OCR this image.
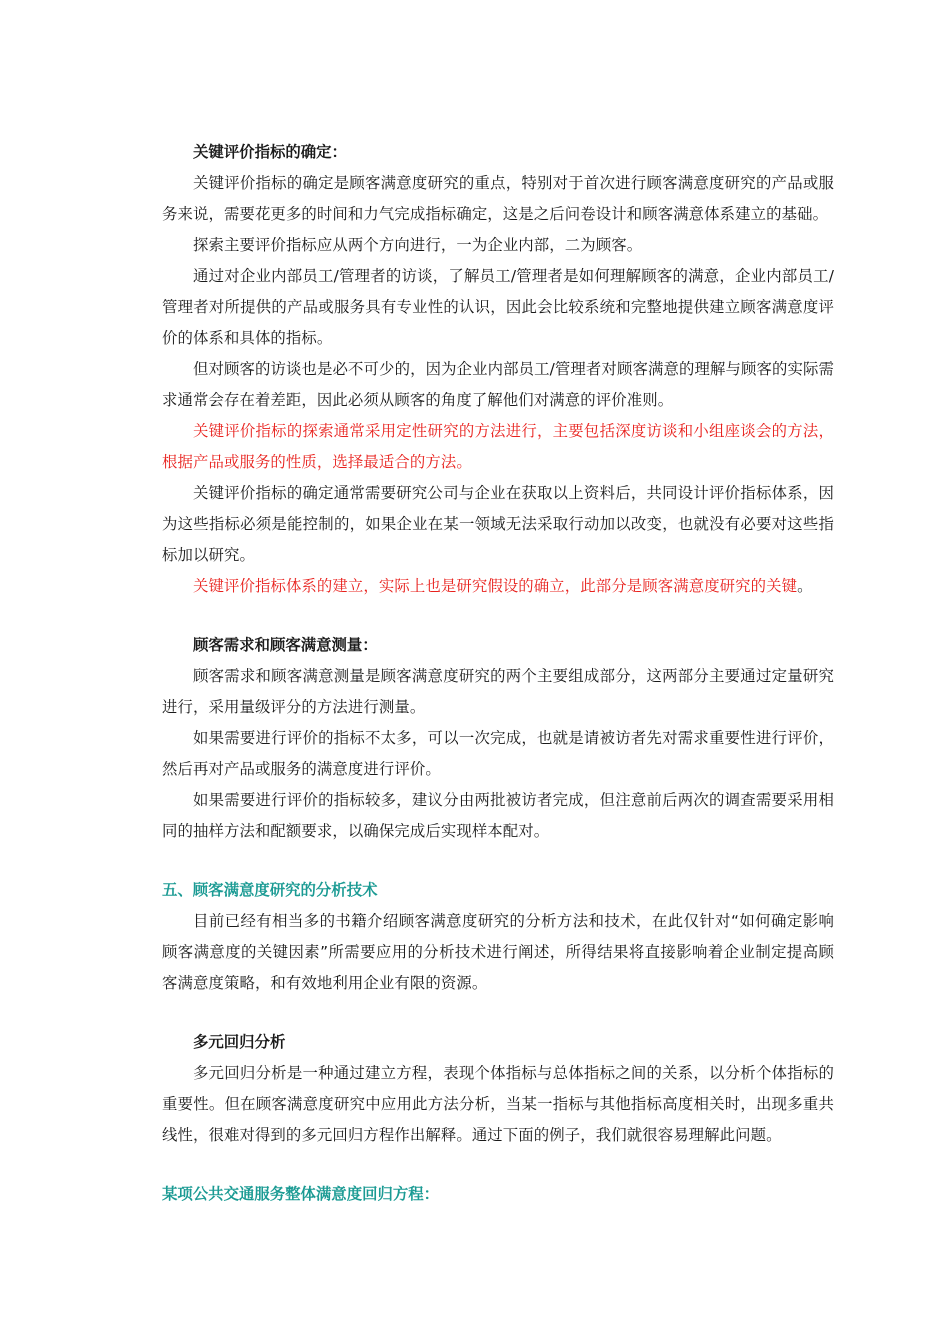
关键评价指标的确定：

关键评价指标的确定是顾客满意度研究的重点，特别对于首次进行顾客满意度研究的产品或服务来说，需要花更多的时间和力气完成指标确定，这是之后问卷设计和顾客满意体系建立的基础。

探索主要评价指标应从两个方向进行，一为企业内部，二为顾客。

通过对企业内部员工/管理者的访谈，了解员工/管理者是如何理解顾客的满意，企业内部员工/管理者对所提供的产品或服务具有专业性的认识，因此会比较系统和完整地提供建立顾客满意度评价的体系和具体的指标。

但对顾客的访谈也是必不可少的，因为企业内部员工/管理者对顾客满意的理解与顾客的实际需求通常会存在着差距，因此必须从顾客的角度了解他们对满意的评价准则。

关键评价指标的探索通常采用定性研究的方法进行，主要包括深度访谈和小组座谈会的方法，根据产品或服务的性质，选择最适合的方法。

关键评价指标的确定通常需要研究公司与企业在获取以上资料后，共同设计评价指标体系，因为这些指标必须是能控制的，如果企业在某一领域无法采取行动加以改变，也就没有必要对这些指标加以研究。

关键评价指标体系的建立，实际上也是研究假设的确立，此部分是顾客满意度研究的关键。

顾客需求和顾客满意测量：

顾客需求和顾客满意测量是顾客满意度研究的两个主要组成部分，这两部分主要通过定量研究进行，采用量级评分的方法进行测量。

如果需要进行评价的指标不太多，可以一次完成，也就是请被访者先对需求重要性进行评价，然后再对产品或服务的满意度进行评价。

如果需要进行评价的指标较多，建议分由两批被访者完成，但注意前后两次的调查需要采用相同的抽样方法和配额要求，以确保完成后实现样本配对。

五、顾客满意度研究的分析技术

目前已经有相当多的书籍介绍顾客满意度研究的分析方法和技术，在此仅针对“如何确定影响顾客满意度的关键因素”所需要应用的分析技术进行阐述，所得结果将直接影响着企业制定提高顾客满意度策略，和有效地利用企业有限的资源。

多元回归分析

多元回归分析是一种通过建立方程，表现个体指标与总体指标之间的关系，以分析个体指标的重要性。但在顾客满意度研究中应用此方法分析，当某一指标与其他指标高度相关时，出现多重共线性，很难对得到的多元回归方程作出解释。通过下面的例子，我们就很容易理解此问题。

某项公共交通服务整体满意度回归方程：
